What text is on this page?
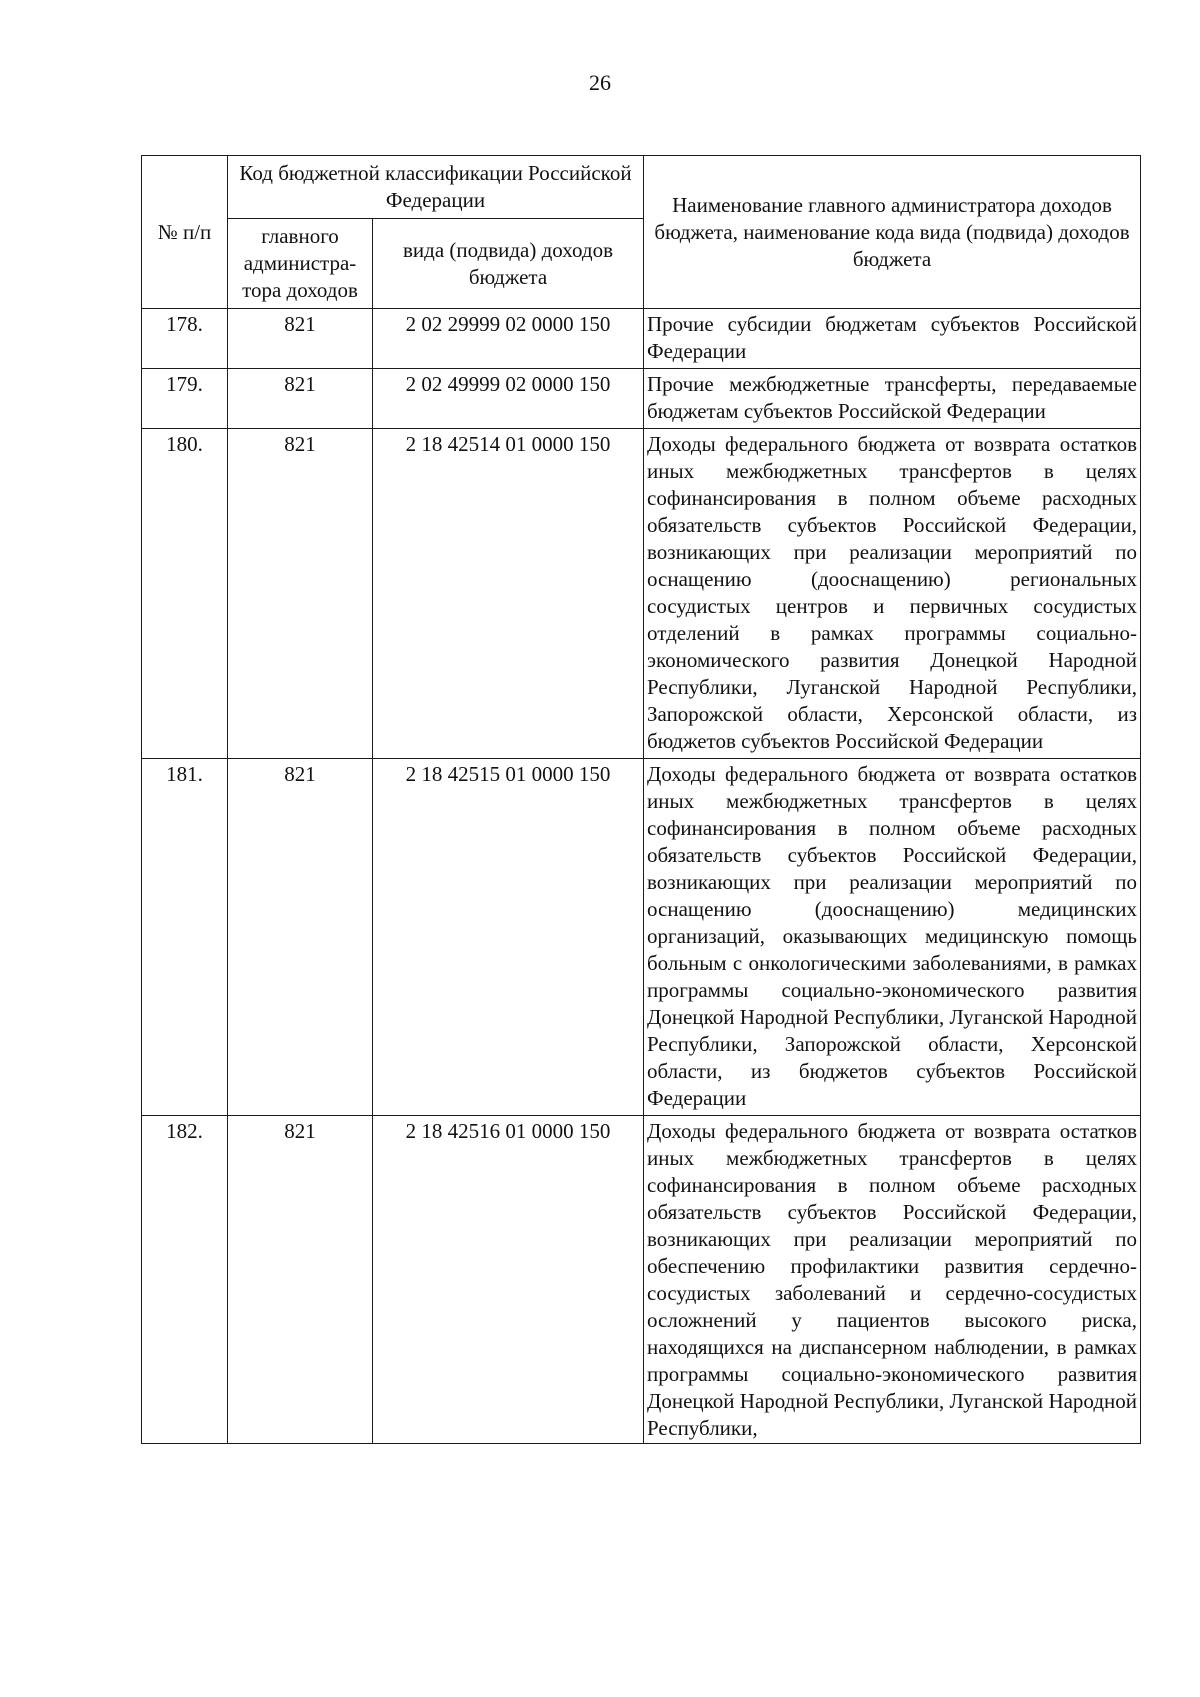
26
№ п/п	Код бюджетной классификации Российской Федерации		Наименование главного администратора доходов бюджета, наименование кода вида (подвида) доходов бюджета
	главного администра-тора доходов	вида (подвида) доходов бюджета	
178.	821	2 02 29999 02 0000 150	Прочие субсидии бюджетам субъектов Российской Федерации
179.	821	2 02 49999 02 0000 150	Прочие межбюджетные трансферты, передаваемые бюджетам субъектов Российской Федерации
180.	821	2 18 42514 01 0000 150	Доходы федерального бюджета от возврата остатков иных межбюджетных трансфертов в целях софинансирования в полном объеме расходных обязательств субъектов Российской Федерации, возникающих при реализации мероприятий по оснащению (дооснащению) региональных сосудистых центров и первичных сосудистых отделений в рамках программы социально-экономического развития Донецкой Народной Республики, Луганской Народной Республики, Запорожской области, Херсонской области, из бюджетов субъектов Российской Федерации
181.	821	2 18 42515 01 0000 150	Доходы федерального бюджета от возврата остатков иных межбюджетных трансфертов в целях софинансирования в полном объеме расходных обязательств субъектов Российской Федерации, возникающих при реализации мероприятий по оснащению (дооснащению) медицинских организаций, оказывающих медицинскую помощь больным с онкологическими заболеваниями, в рамках программы социально-экономического развития Донецкой Народной Республики, Луганской Народной Республики, Запорожской области, Херсонской области, из бюджетов субъектов Российской Федерации
182.	821	2 18 42516 01 0000 150	Доходы федерального бюджета от возврата остатков иных межбюджетных трансфертов в целях софинансирования в полном объеме расходных обязательств субъектов Российской Федерации, возникающих при реализации мероприятий по обеспечению профилактики развития сердечно-сосудистых заболеваний и сердечно-сосудистых осложнений у пациентов высокого риска, находящихся на диспансерном наблюдении, в рамках программы социально-экономического развития Донецкой Народной Республики, Луганской Народной Республики,
